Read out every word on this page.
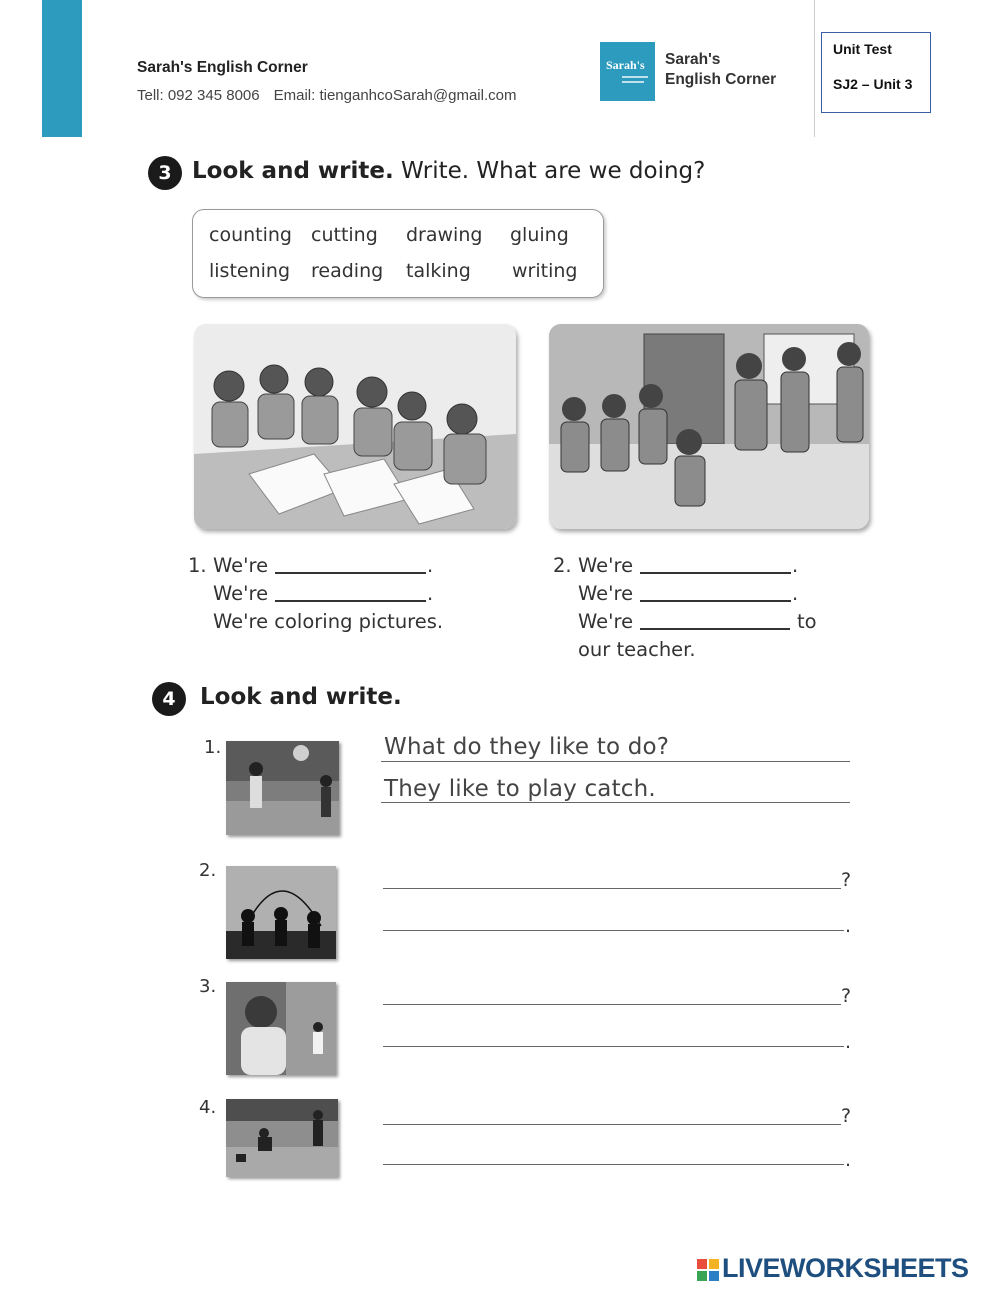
Sarah's English Corner
Tell: 092 345 8006 Email: tienganhcoSarah@gmail.com
Sarah's Sarah's
English Corner
Unit Test
SJ2 – Unit 3
3 Look and write. Write. What are we doing?
counting cutting drawing gluing
listening reading talking writing
1. We're	.
We're	.
We're coloring pictures.
2. We're	.
We're	.
We're	to
our teacher.
4	Look and write.
1.	What do they like to do?
They like to play catch.
2.	?
.
3.	?
.
4.	?
.
LIVEWORKSHEETS
